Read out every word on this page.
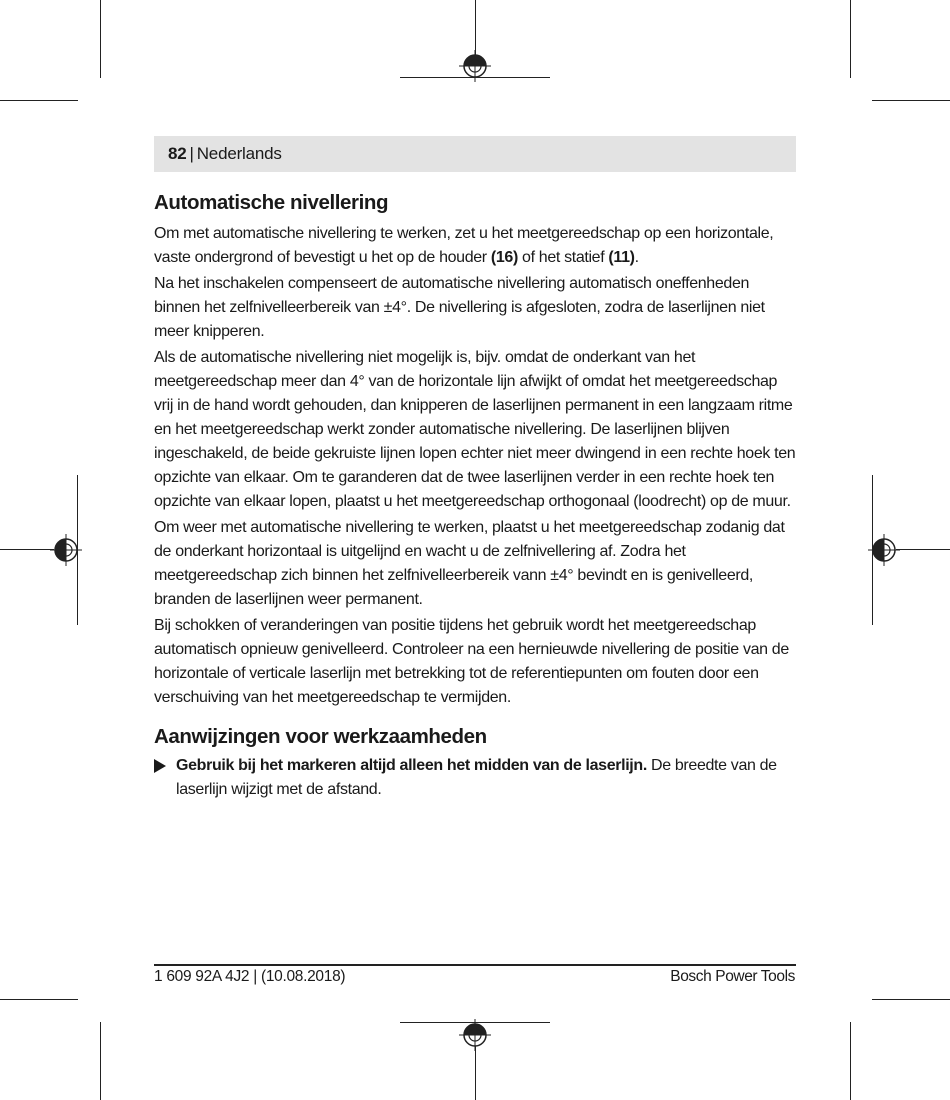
82 | Nederlands
Automatische nivellering

Om met automatische nivellering te werken, zet u het meetgereedschap op een horizontale, vaste ondergrond of bevestigt u het op de houder (16) of het statief (11).

Na het inschakelen compenseert de automatische nivellering automatisch oneffenheden binnen het zelfnivelleerbereik van ±4°. De nivellering is afgesloten, zodra de laserlijnen niet meer knipperen.

Als de automatische nivellering niet mogelijk is, bijv. omdat de onderkant van het meetgereedschap meer dan 4° van de horizontale lijn afwijkt of omdat het meetgereedschap vrij in de hand wordt gehouden, dan knipperen de laserlijnen permanent in een langzaam ritme en het meetgereedschap werkt zonder automatische nivellering. De laserlijnen blijven ingeschakeld, de beide gekruiste lijnen lopen echter niet meer dwingend in een rechte hoek ten opzichte van elkaar. Om te garanderen dat de twee laserlijnen verder in een rechte hoek ten opzichte van elkaar lopen, plaatst u het meetgereedschap orthogonaal (loodrecht) op de muur.

Om weer met automatische nivellering te werken, plaatst u het meetgereedschap zodanig dat de onderkant horizontaal is uitgelijnd en wacht u de zelfnivellering af. Zodra het meetgereedschap zich binnen het zelfnivelleerbereik vann ±4° bevindt en is genivelleerd, branden de laserlijnen weer permanent.

Bij schokken of veranderingen van positie tijdens het gebruik wordt het meetgereedschap automatisch opnieuw genivelleerd. Controleer na een hernieuwde nivellering de positie van de horizontale of verticale laserlijn met betrekking tot de referentiepunten om fouten door een verschuiving van het meetgereedschap te vermijden.

Aanwijzingen voor werkzaamheden

Gebruik bij het markeren altijd alleen het midden van de laserlijn. De breedte van de laserlijn wijzigt met de afstand.

1 609 92A 4J2 | (10.08.2018)	Bosch Power Tools
